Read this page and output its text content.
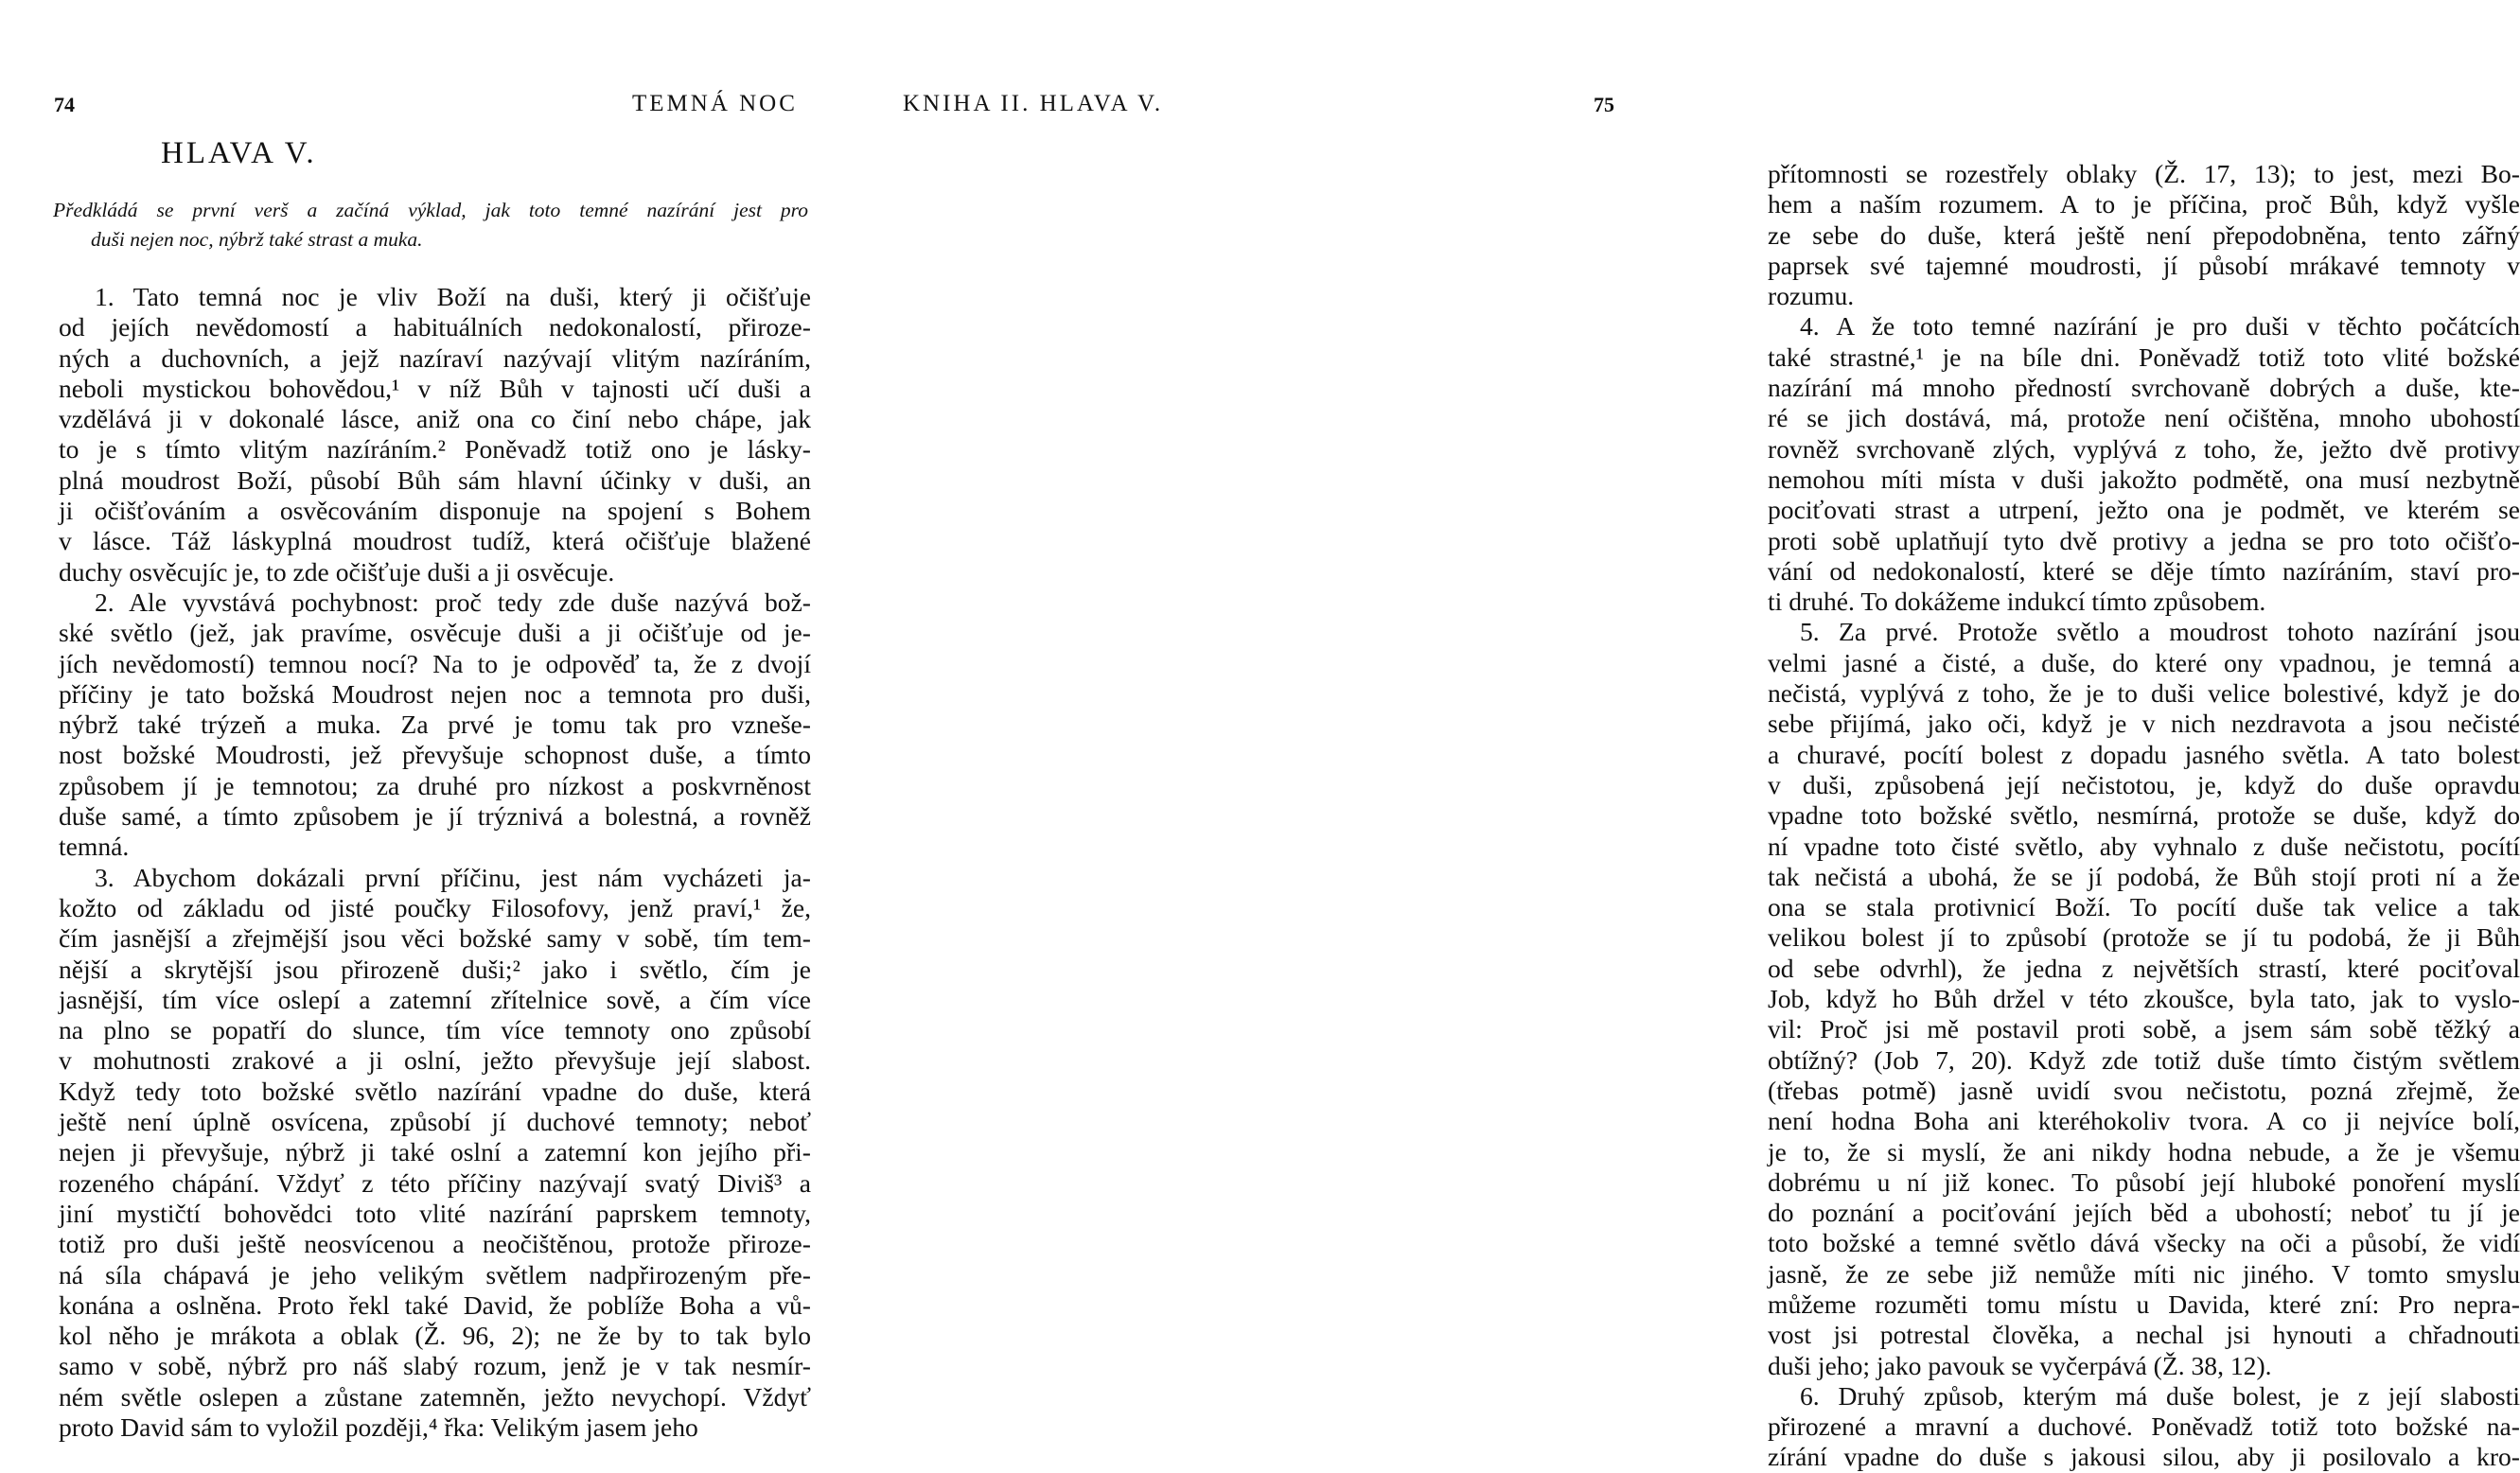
74	TEMNÁ NOC
HLAVA V.
Předkládá se první verš a začíná výklad, jak toto temné nazírání jest pro
duši nejen noc, nýbrž také strast a muka.
1. Tato temná noc je vliv Boží na duši, který ji očišťuje
od jejích nevědomostí a habituálních nedokonalostí, přiroze-
ných a duchovních, a jejž nazíraví nazývají vlitým nazíráním,
neboli mystickou bohovědou,¹ v níž Bůh v tajnosti učí duši a
vzdělává ji v dokonalé lásce, aniž ona co činí nebo chápe, jak
to je s tímto vlitým nazíráním.² Poněvadž totiž ono je lásky-
plná moudrost Boží, působí Bůh sám hlavní účinky v duši, an
ji očišťováním a osvěcováním disponuje na spojení s Bohem
v lásce. Táž láskyplná moudrost tudíž, která očišťuje blažené
duchy osvěcujíc je, to zde očišťuje duši a ji osvěcuje.
2. Ale vyvstává pochybnost: proč tedy zde duše nazývá bož-
ské světlo (jež, jak pravíme, osvěcuje duši a ji očišťuje od je-
jích nevědomostí) temnou nocí? Na to je odpověď ta, že z dvojí
příčiny je tato božská Moudrost nejen noc a temnota pro duši,
nýbrž také trýzeň a muka. Za prvé je tomu tak pro vznešе-
nost božské Moudrosti, jež převyšuje schopnost duše, a tímto
způsobem jí je temnotou; za druhé pro nízkost a poskvrněnost
duše samé, a tímto způsobem je jí trýznivá a bolestná, a rovněž
temná.
3. Abychom dokázali první příčinu, jest nám vycházeti ja-
kožto od základu od jisté poučky Filosofovy, jenž praví,¹ že,
čím jasnější a zřejmější jsou věci božské samy v sobě, tím tem-
nější a skrytější jsou přirozeně duši;² jako i světlo, čím je
jasnější, tím více oslepí a zatemní zřítelnice sově, a čím více
na plno se popatří do slunce, tím více temnoty ono způsobí
v mohutnosti zrakové a ji oslní, ježto převyšuje její slabost.
Když tedy toto božské světlo nazírání vpadne do duše, která
ještě není úplně osvícena, způsobí jí duchové temnoty; neboť
nejen ji převyšuje, nýbrž ji také oslní a zatemní kon jejího při-
rozeného chápání. Vždyť z této příčiny nazývají svatý Diviš³ a
jiní mystičtí bohovědci toto vlité nazírání paprskem temnoty,
totiž pro duši ještě neosvícenou a neočištěnou, protože přiroze-
ná síla chápavá je jeho velikým světlem nadpřirozeným pře-
konána a oslněna. Proto řekl také David, že poblíže Boha a vů-
kol něho je mrákota a oblak (Ž. 96, 2); ne že by to tak bylo
samo v sobě, nýbrž pro náš slabý rozum, jenž je v tak nesmír-
ném světle oslepen a zůstane zatemněn, ježto nevychopí. Vždyť
proto David sám to vyložil později,⁴ řka: Velikým jasem jeho
KNIHA II. HLAVA V.	75
přítomnosti se rozestřely oblaky (Ž. 17, 13); to jest, mezi Bo-
hem a naším rozumem. A to je příčina, proč Bůh, když vyšle
ze sebe do duše, která ještě není přepodobněna, tento zářný
paprsek své tajemné moudrosti, jí působí mrákavé temnoty v
rozumu.
4. A že toto temné nazírání je pro duši v těchto počátcích
také strastné,¹ je na bíle dni. Poněvadž totiž toto vlité božské
nazírání má mnoho předností svrchovaně dobrých a duše, kte-
ré se jich dostává, má, protože není očištěna, mnoho ubohostí
rovněž svrchovaně zlých, vyplývá z toho, že, ježto dvě protivy
nemohou míti místa v duši jakožto podmětě, ona musí nezbytně
pociťovati strast a utrpení, ježto ona je podmět, ve kterém se
proti sobě uplatňují tyto dvě protivy a jedna se pro toto očišťo-
vání od nedokonalostí, které se děje tímto nazíráním, staví pro-
ti druhé. To dokážeme indukcí tímto způsobem.
5. Za prvé. Protože světlo a moudrost tohoto nazírání jsou
velmi jasné a čisté, a duše, do které ony vpadnou, je temná a
nečistá, vyplývá z toho, že je to duši velice bolestivé, když je do
sebe přijímá, jako oči, když je v nich nezdravota a jsou nečisté
a churavé, pocítí bolest z dopadu jasného světla. A tato bolest
v duši, způsobená její nečistotou, je, když do duše opravdu
vpadne toto božské světlo, nesmírná, protože se duše, když do
ní vpadne toto čisté světlo, aby vyhnalo z duše nečistotu, pocítí
tak nečistá a ubohá, že se jí podobá, že Bůh stojí proti ní a že
ona se stala protivnicí Boží. To pocítí duše tak velice a tak
velikou bolest jí to způsobí (protože se jí tu podobá, že ji Bůh
od sebe odvrhl), že jedna z největších strastí, které pociťoval
Job, když ho Bůh držel v této zkoušce, byla tato, jak to vyslo-
vil: Proč jsi mě postavil proti sobě, a jsem sám sobě těžký a
obtížný? (Job 7, 20). Když zde totiž duše tímto čistým světlem
(třebas potmě) jasně uvidí svou nečistotu, pozná zřejmě, že
není hodna Boha ani kteréhokoliv tvora. A co ji nejvíce bolí,
je to, že si myslí, že ani nikdy hodna nebude, a že je všemu
dobrému u ní již konec. To působí její hluboké ponoření myslí
do poznání a pociťování jejích běd a ubohostí; neboť tu jí je
toto božské a temné světlo dává všecky na oči a působí, že vidí
jasně, že ze sebe již nemůže míti nic jiného. V tomto smyslu
můžeme rozuměti tomu místu u Davida, které zní: Pro nepra-
vost jsi potrestal člověka, a nechal jsi hynouti a chřadnouti
duši jeho; jako pavouk se vyčerpává (Ž. 38, 12).
6. Druhý způsob, kterým má duše bolest, je z její slabosti
přirozené a mravní a duchové. Poněvadž totiž toto božské na-
zírání vpadne do duše s jakousi silou, aby ji posilovalo a kro-
